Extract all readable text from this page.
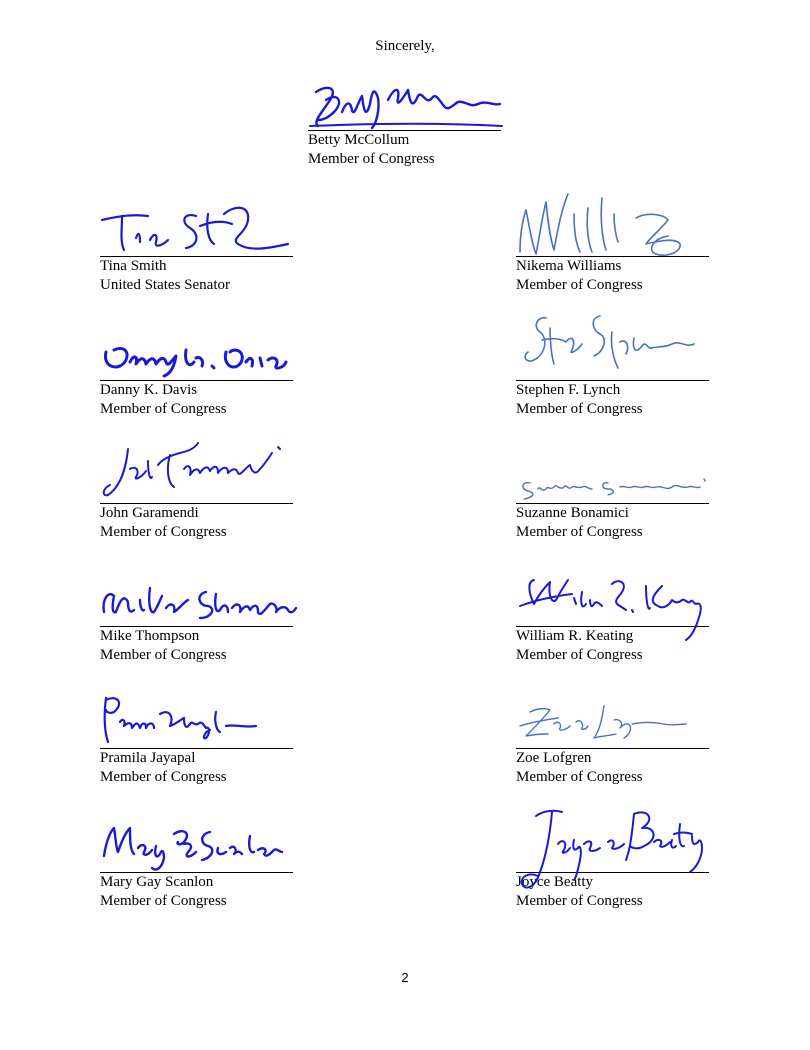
Sincerely,
Betty McCollum
Member of Congress
Tina Smith
United States Senator
Nikema Williams
Member of Congress
Danny K. Davis
Member of Congress
Stephen F. Lynch
Member of Congress
John Garamendi
Member of Congress
Suzanne Bonamici
Member of Congress
Mike Thompson
Member of Congress
William R. Keating
Member of Congress
Pramila Jayapal
Member of Congress
Zoe Lofgren
Member of Congress
Mary Gay Scanlon
Member of Congress
Joyce Beatty
Member of Congress
2
